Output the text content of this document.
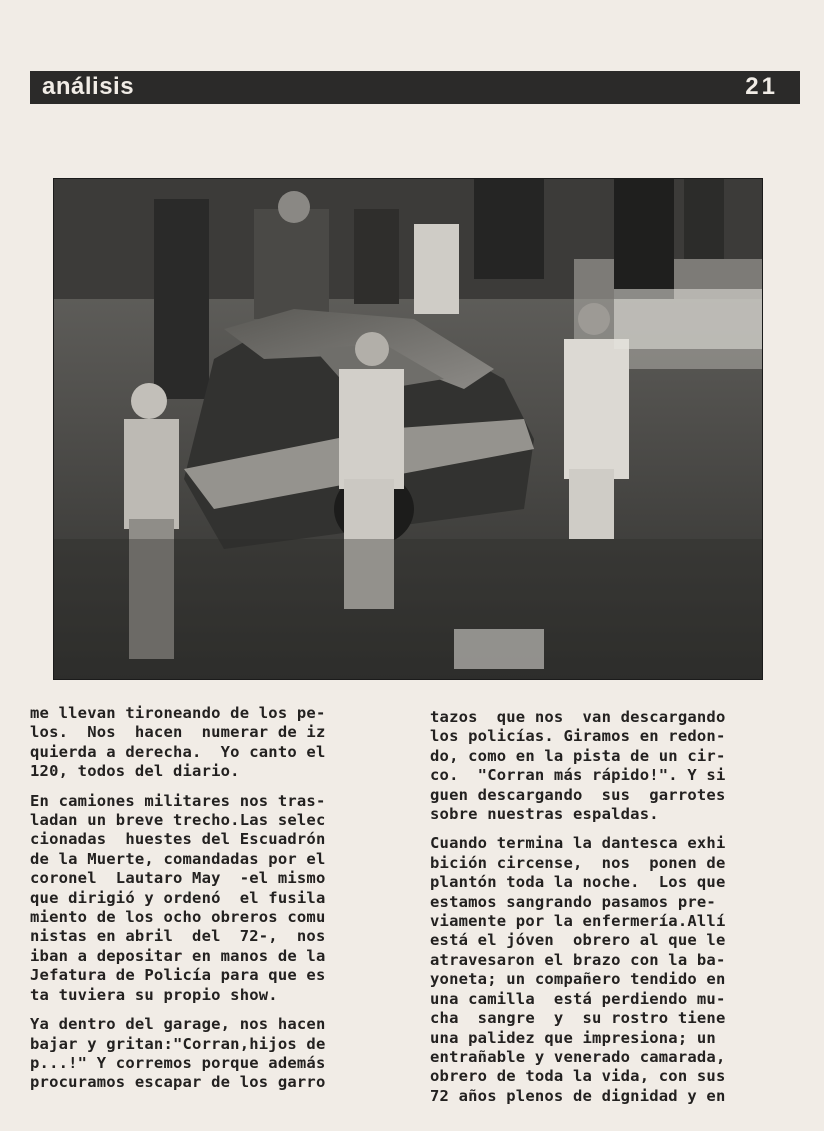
análisis	21

me llevan tironeando de los pe-
los.  Nos  hacen  numerar de iz
quierda a derecha.  Yo canto el
120, todos del diario.

En camiones militares nos tras-
ladan un breve trecho.Las selec
cionadas  huestes del Escuadrón
de la Muerte, comandadas por el
coronel  Lautaro May  -el mismo
que dirigió y ordenó  el fusila
miento de los ocho obreros comu
nistas en abril  del  72-,  nos
iban a depositar en manos de la
Jefatura de Policía para que es
ta tuviera su propio show.

Ya dentro del garage, nos hacen
bajar y gritan:"Corran,hijos de
p...!" Y corremos porque además
procuramos escapar de los garro

tazos  que nos  van descargando
los policías. Giramos en redon-
do, como en la pista de un cir-
co.  "Corran más rápido!". Y si
guen descargando  sus  garrotes
sobre nuestras espaldas.

Cuando termina la dantesca exhi
bición circense,  nos  ponen de
plantón toda la noche.  Los que
estamos sangrando pasamos pre-
viamente por la enfermería.Allí
está el jóven  obrero al que le
atravesaron el brazo con la ba-
yoneta; un compañero tendido en
una camilla  está perdiendo mu-
cha  sangre  y  su rostro tiene
una palidez que impresiona; un
entrañable y venerado camarada,
obrero de toda la vida, con sus
72 años plenos de dignidad y en
